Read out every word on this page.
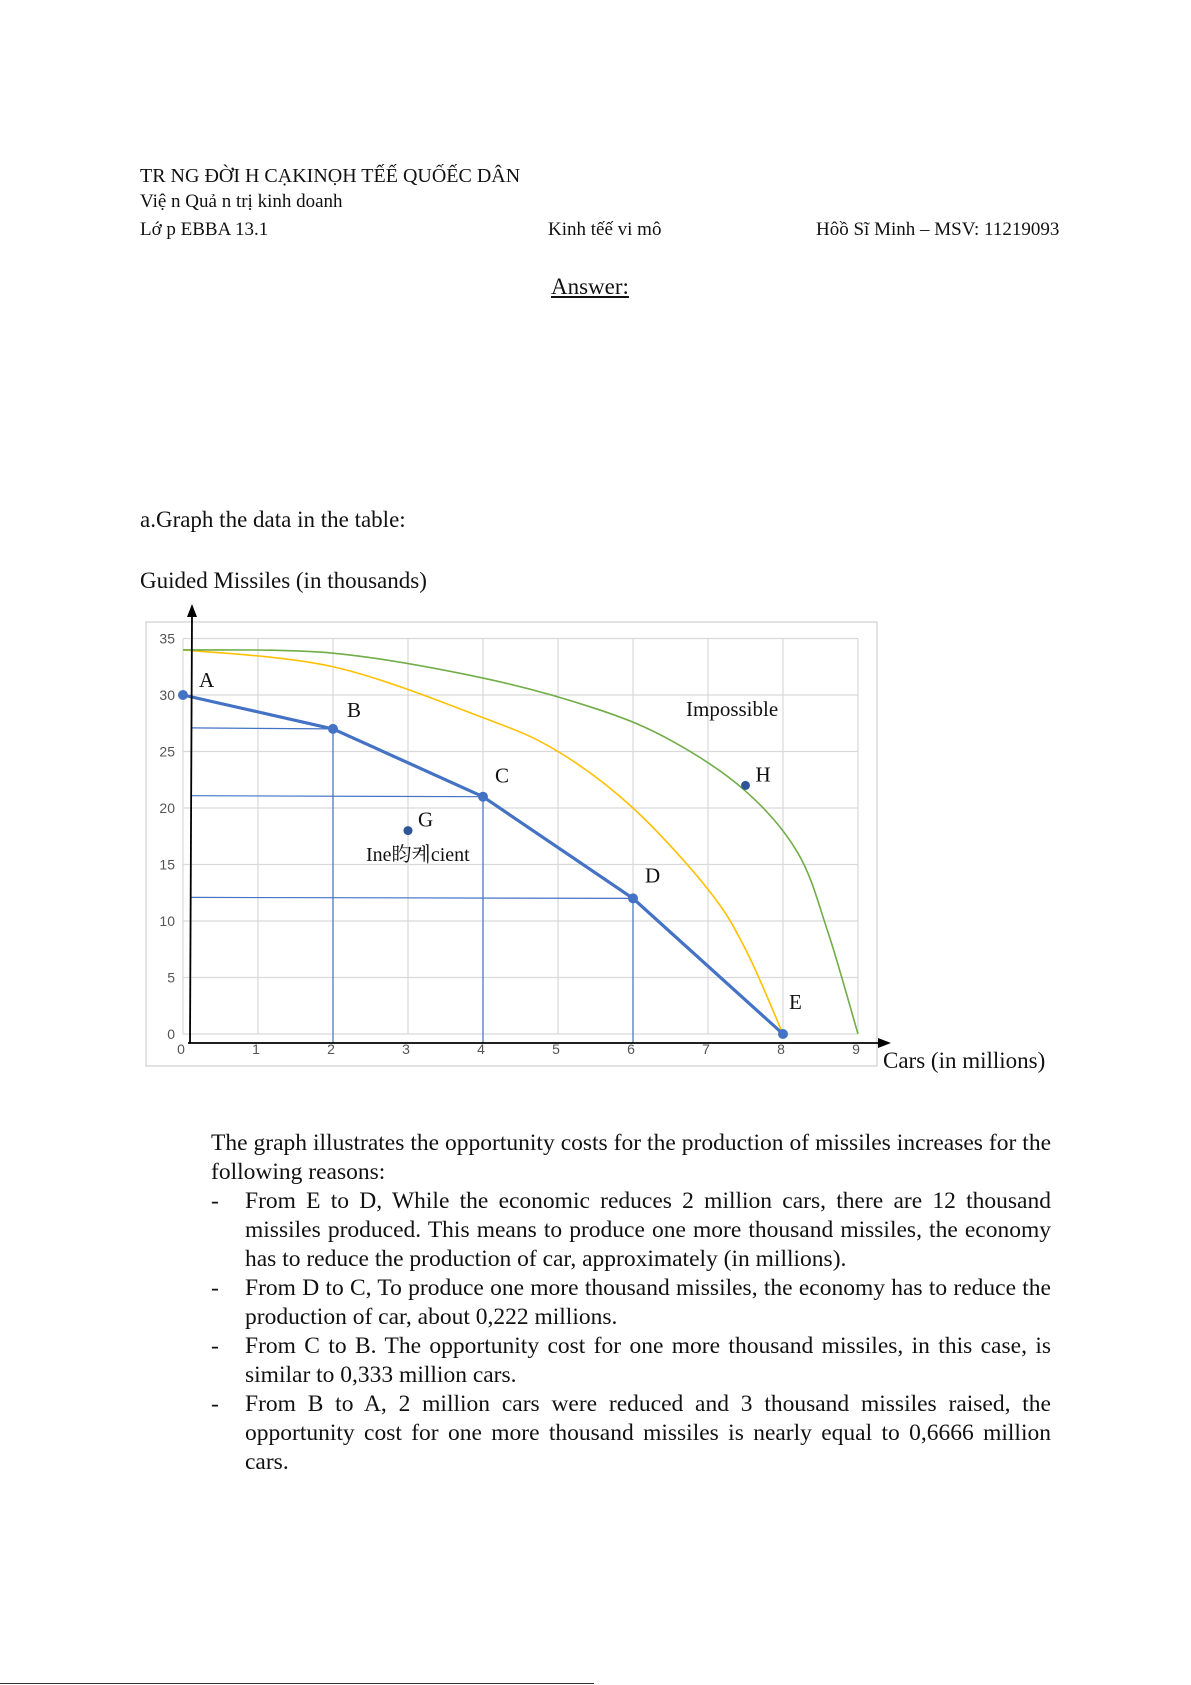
TR NG ĐỜI H CẠKINỌH TẾẾ QUỐẾC DÂN
Việ n Quả n trị kinh doanh
Lớ p EBBA 13.1	Kinh tếế vi mô	Hôồ Sĩ Minh – MSV: 11219093
Answer:
a.Graph the data in the table:
Guided Missiles (in thousands)
Cars (in millions)
0
5
10
15
20
25
30
35
0	1	2	3	4	5	6	7	8	9
A
B
C
D
E
G
H
Impossible
Ine盷켸cient
The graph illustrates the opportunity costs for the production of missiles increases for the following reasons:
- From E to D, While the economic reduces 2 million cars, there are 12 thousand missiles produced. This means to produce one more thousand missiles, the economy has to reduce the production of car, approximately (in millions).
- From D to C, To produce one more thousand missiles, the economy has to reduce the production of car, about 0,222 millions.
- From C to B. The opportunity cost for one more thousand missiles, in this case, is similar to 0,333 million cars.
- From B to A, 2 million cars were reduced and 3 thousand missiles raised, the opportunity cost for one more thousand missiles is nearly equal to 0,6666 million cars.
